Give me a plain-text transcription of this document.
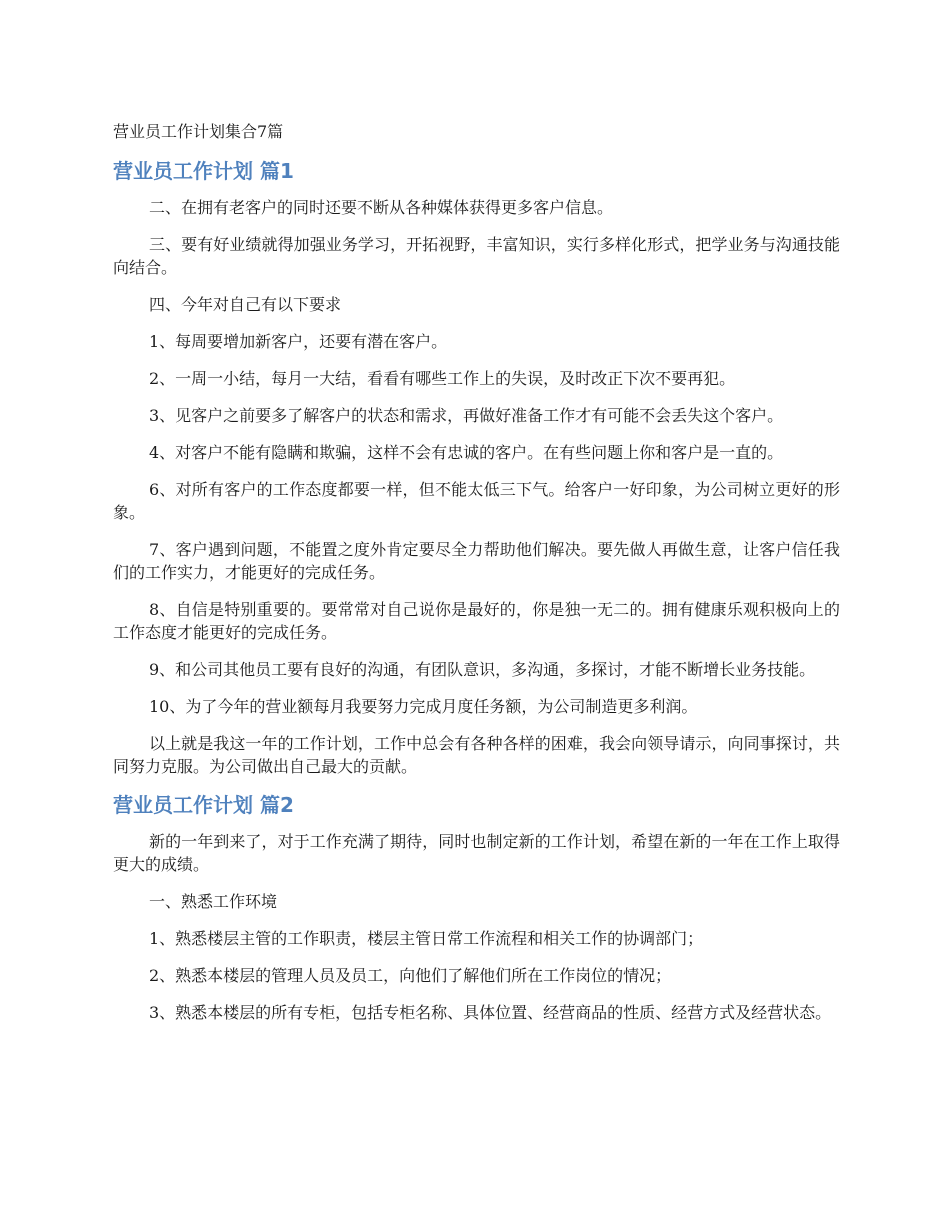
营业员工作计划集合7篇
营业员工作计划 篇1

二、在拥有老客户的同时还要不断从各种媒体获得更多客户信息。

三、要有好业绩就得加强业务学习，开拓视野，丰富知识，实行多样化形式，把学业务与沟通技能向结合。

四、今年对自己有以下要求

1、每周要增加新客户，还要有潜在客户。

2、一周一小结，每月一大结，看看有哪些工作上的失误，及时改正下次不要再犯。

3、见客户之前要多了解客户的状态和需求，再做好准备工作才有可能不会丢失这个客户。

4、对客户不能有隐瞒和欺骗，这样不会有忠诚的客户。在有些问题上你和客户是一直的。

6、对所有客户的工作态度都要一样，但不能太低三下气。给客户一好印象，为公司树立更好的形象。

7、客户遇到问题，不能置之度外肯定要尽全力帮助他们解决。要先做人再做生意，让客户信任我们的工作实力，才能更好的完成任务。

8、自信是特别重要的。要常常对自己说你是最好的，你是独一无二的。拥有健康乐观积极向上的工作态度才能更好的完成任务。

9、和公司其他员工要有良好的沟通，有团队意识，多沟通，多探讨，才能不断增长业务技能。

10、为了今年的营业额每月我要努力完成月度任务额，为公司制造更多利润。

以上就是我这一年的工作计划，工作中总会有各种各样的困难，我会向领导请示，向同事探讨，共同努力克服。为公司做出自己最大的贡献。

营业员工作计划 篇2

新的一年到来了，对于工作充满了期待，同时也制定新的工作计划，希望在新的一年在工作上取得更大的成绩。

一、熟悉工作环境

1、熟悉楼层主管的工作职责，楼层主管日常工作流程和相关工作的协调部门；

2、熟悉本楼层的管理人员及员工，向他们了解他们所在工作岗位的情况；

3、熟悉本楼层的所有专柜，包括专柜名称、具体位置、经营商品的性质、经营方式及经营状态。
